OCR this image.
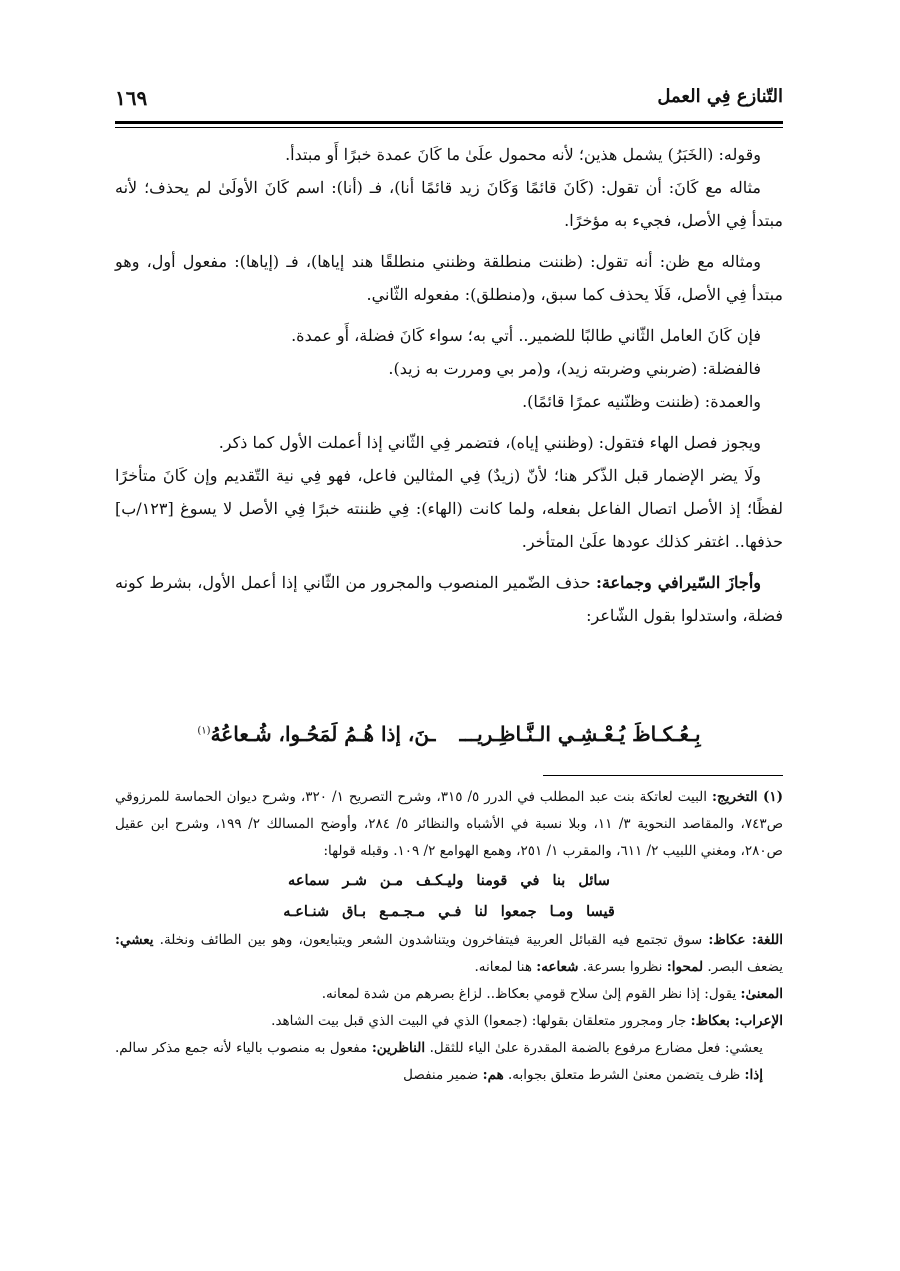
التّنازع فِي العمل
١٦٩

وقوله: (الخَبَرُ) يشمل هذين؛ لأنه محمول علَىٰ ما كَانَ عمدة خبرًا أَو مبتدأ.

مثاله مع كَانَ: أن تقول: (كَانَ قائمًا وَكَانَ زيد قائمًا أنا)، فـ (أنا): اسم كَانَ الأولَىٰ لم يحذف؛ لأنه مبتدأ فِي الأصل، فجيء به مؤخرًا.

ومثاله مع ظن: أنه تقول: (ظننت منطلقة وظنني منطلقًا هند إياها)، فـ (إياها): مفعول أول، وهو مبتدأ فِي الأصل، فَلَا يحذف كما سبق، و(منطلق): مفعوله الثّاني.

فإن كَانَ العامل الثّاني طالبًا للضمير.. أتي به؛ سواء كَانَ فضلة، أَو عمدة.

فالفضلة: (ضربني وضربته زيد)، و(مر بي ومررت به زيد).

والعمدة: (ظننت وظنّنيه عمرًا قائمًا).

ويجوز فصل الهاء فتقول: (وظنني إياه)، فتضمر فِي الثّاني إذا أعملت الأول كما ذكر.

ولَا يضر الإضمار قبل الذّكر هنا؛ لأنّ (زيدٌ) فِي المثالين فاعل، فهو فِي نية التّقديم وإن كَانَ متأخرًا لفظًا؛ إذ الأصل اتصال الفاعل بفعله، ولما كانت (الهاء): فِي ظننته خبرًا فِي الأصل لا يسوغ [١٢٣/ب] حذفها.. اغتفر كذلك عودها علَىٰ المتأخر.

وأجازَ السّيرافي وجماعة: حذف الضّمير المنصوب والمجرور من الثّاني إذا أعمل الأول، بشرط كونه فضلة، واستدلوا بقول الشّاعر:

بِـعُـكـاظَ يُـعْـشِـي الـنَّـاظِـريــــنَ، إذا هُـمُ لَمَحُـوا، شُـعاعُهُ$^{(١)}$

(١) التخريج: البيت لعاتكة بنت عبد المطلب في الدرر ٥/ ٣١٥، وشرح التصريح ١/ ٣٢٠، وشرح ديوان الحماسة للمرزوقي ص٧٤٣، والمقاصد النحوية ٣/ ١١، وبلا نسبة في الأشباه والنظائر ٥/ ٢٨٤، وأوضح المسالك ٢/ ١٩٩، وشرح ابن عقيل ص٢٨٠، ومغني اللبيب ٢/ ٦١١، والمقرب ١/ ٢٥١، وهمع الهوامع ٢/ ١٠٩. وقبله قولها:

سائل بنا في قومنا وليـكـف مـن شـر سماعه
قيسا ومـا جمعوا لنا فـي مـجـمـع بـاق شنـاعـه

اللغة: عكاظ: سوق تجتمع فيه القبائل العربية فيتفاخرون ويتناشدون الشعر ويتبايعون، وهو بين الطائف ونخلة. يعشي: يضعف البصر. لمحوا: نظروا بسرعة. شعاعه: هنا لمعانه.

المعنىٰ: يقول: إذا نظر القوم إلىٰ سلاح قومي بعكاظ.. لزاغ بصرهم من شدة لمعانه.

الإعراب: بعكاظ: جار ومجرور متعلقان بقولها: (جمعوا) الذي في البيت الذي قبل بيت الشاهد.

يعشي: فعل مضارع مرفوع بالضمة المقدرة علىٰ الياء للثقل. الناظرين: مفعول به منصوب بالياء لأنه جمع مذكر سالم. إذا: ظرف يتضمن معنىٰ الشرط متعلق بجوابه. هم: ضمير منفصل
